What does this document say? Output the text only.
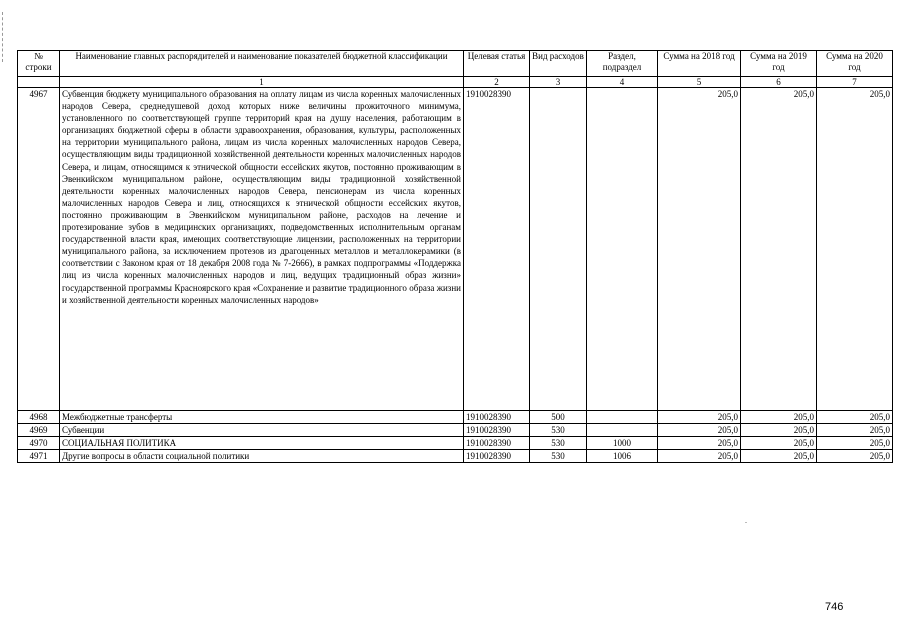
№ строки	Наименование главных распорядителей и наименование показателей бюджетной классификации	Целевая статья	Вид расходов	Раздел, подраздел	Сумма на 2018 год	Сумма на 2019 год	Сумма на 2020 год
	1	2	3	4	5	6	7
4967	Субвенция бюджету муниципального образования на оплату лицам из числа коренных малочисленных народов Севера, среднедушевой доход которых ниже величины прожиточного минимума, установленного по соответствующей группе территорий края на душу населения, работающим в организациях бюджетной сферы в области здравоохранения, образования, культуры, расположенных на территории муниципального района, лицам из числа коренных малочисленных народов Севера, осуществляющим виды традиционной хозяйственной деятельности коренных малочисленных народов Севера, и лицам, относящимся к этнической общности ессейских якутов, постоянно проживающим в Эвенкийском муниципальном районе, осуществляющим виды традиционной хозяйственной деятельности коренных малочисленных народов Севера, пенсионерам из числа коренных малочисленных народов Севера и лиц, относящихся к этнической общности ессейских якутов, постоянно проживающим в Эвенкийском муниципальном районе, расходов на лечение и протезирование зубов в медицинских организациях, подведомственных исполнительным органам государственной власти края, имеющих соответствующие лицензии, расположенных на территории муниципального района, за исключением протезов из драгоценных металлов и металлокерамики (в соответствии с Законом края от 18 декабря 2008 года № 7-2666), в рамках подпрограммы «Поддержка лиц из числа коренных малочисленных народов и лиц, ведущих традиционный образ жизни» государственной программы Красноярского края «Сохранение и развитие традиционного образа жизни и хозяйственной деятельности коренных малочисленных народов»	1910028390			205,0	205,0	205,0
4968	Межбюджетные трансферты	1910028390	500		205,0	205,0	205,0
4969	Субвенции	1910028390	530		205,0	205,0	205,0
4970	СОЦИАЛЬНАЯ ПОЛИТИКА	1910028390	530	1000	205,0	205,0	205,0
4971	Другие вопросы в области социальной политики	1910028390	530	1006	205,0	205,0	205,0
746
